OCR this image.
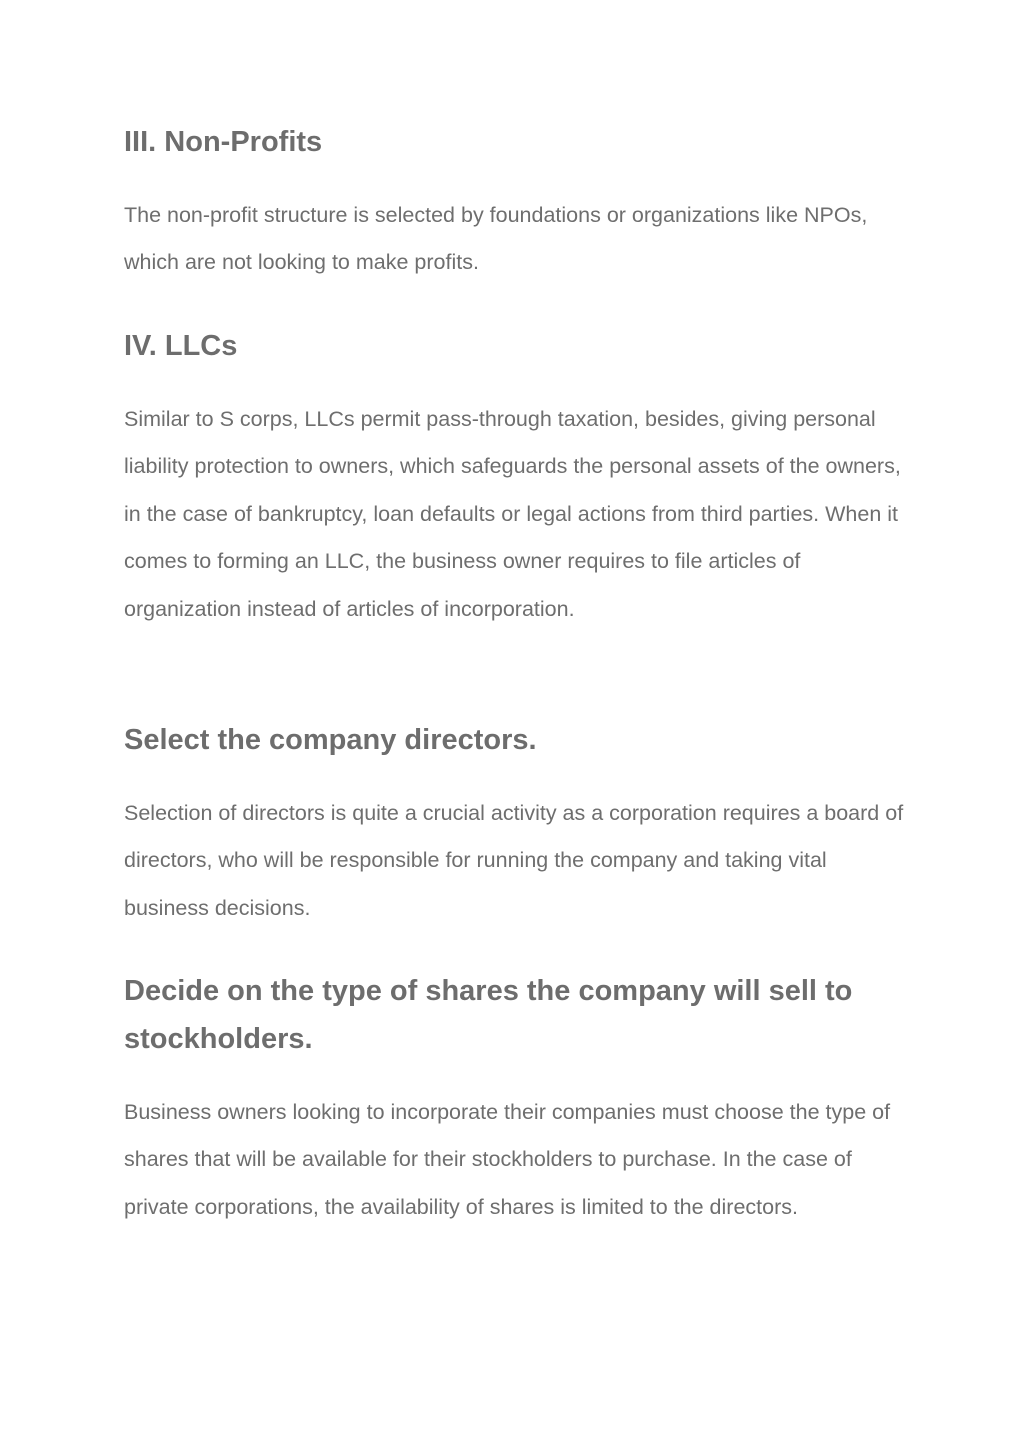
III. Non-Profits

The non-profit structure is selected by foundations or organizations like NPOs, which are not looking to make profits.

IV. LLCs

Similar to S corps, LLCs permit pass-through taxation, besides, giving personal liability protection to owners, which safeguards the personal assets of the owners, in the case of bankruptcy, loan defaults or legal actions from third parties. When it comes to forming an LLC, the business owner requires to file articles of organization instead of articles of incorporation.

Select the company directors.

Selection of directors is quite a crucial activity as a corporation requires a board of directors, who will be responsible for running the company and taking vital business decisions.

Decide on the type of shares the company will sell to stockholders.

Business owners looking to incorporate their companies must choose the type of shares that will be available for their stockholders to purchase. In the case of private corporations, the availability of shares is limited to the directors.
